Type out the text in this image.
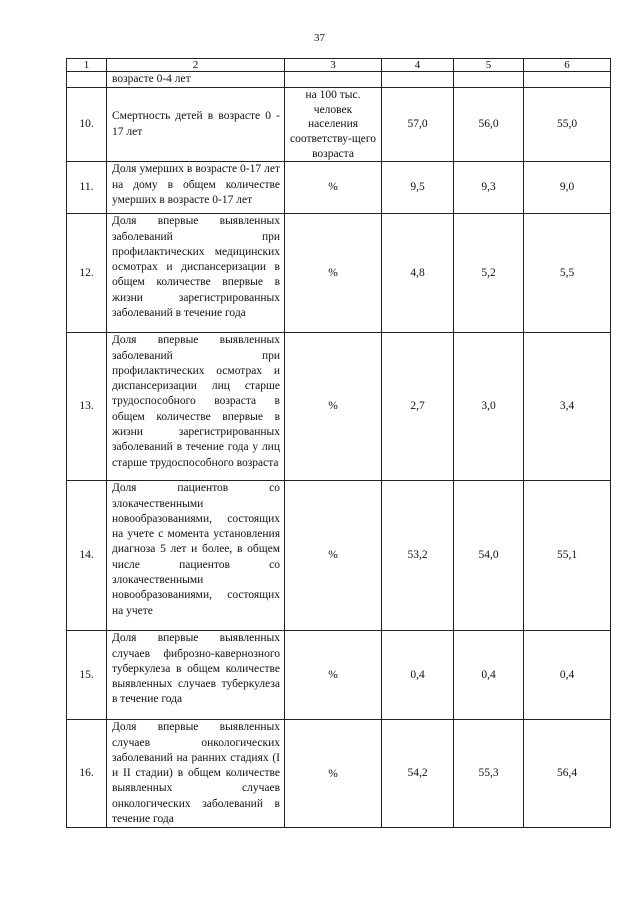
37
1	2	3	4	5	6
	возрасте 0-4 лет				
10.	Смертность детей в возрасте 0 - 17 лет	на 100 тыс. человек населения соответству-щего возраста	57,0	56,0	55,0
11.	Доля умерших в возрасте 0-17 лет на дому в общем количестве умерших в возрасте 0-17 лет	%	9,5	9,3	9,0
12.	Доля впервые выявленных заболеваний при профилактических медицинских осмотрах и диспансеризации в общем количестве впервые в жизни зарегистрированных заболеваний в течение года	%	4,8	5,2	5,5
13.	Доля впервые выявленных заболеваний при профилактических осмотрах и диспансеризации лиц старше трудоспособного возраста в общем количестве впервые в жизни зарегистрированных заболеваний в течение года у лиц старше трудоспособного возраста	%	2,7	3,0	3,4
14.	Доля пациентов со злокачественными новообразованиями, состоящих на учете с момента установления диагноза 5 лет и более, в общем числе пациентов со злокачественными новообразованиями, состоящих на учете	%	53,2	54,0	55,1
15.	Доля впервые выявленных случаев фиброзно-кавернозного туберкулеза в общем количестве выявленных случаев туберкулеза в течение года	%	0,4	0,4	0,4
16.	Доля впервые выявленных случаев онкологических заболеваний на ранних стадиях (I и II стадии) в общем количестве выявленных случаев онкологических заболеваний в течение года	%	54,2	55,3	56,4
